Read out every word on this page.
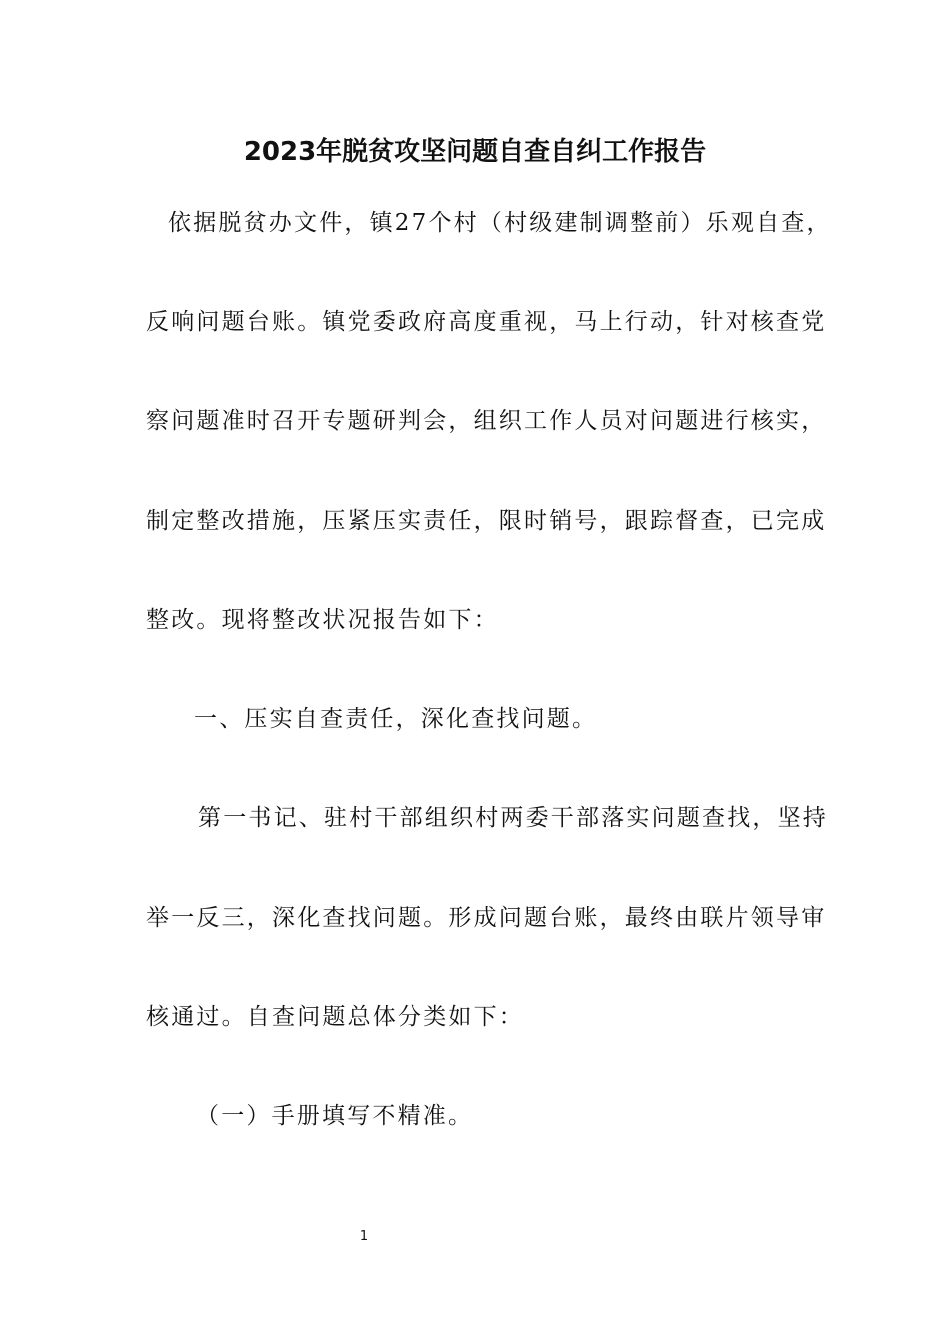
2023年脱贫攻坚问题自查自纠工作报告
依据脱贫办文件，镇27个村（村级建制调整前）乐观自查，
反响问题台账。镇党委政府高度重视，马上行动，针对核查党
察问题准时召开专题研判会，组织工作人员对问题进行核实，
制定整改措施，压紧压实责任，限时销号，跟踪督查，已完成
整改。现将整改状况报告如下：
一、压实自查责任，深化查找问题。
第一书记、驻村干部组织村两委干部落实问题查找，坚持
举一反三，深化查找问题。形成问题台账，最终由联片领导审
核通过。自查问题总体分类如下：
（一）手册填写不精准。
1
